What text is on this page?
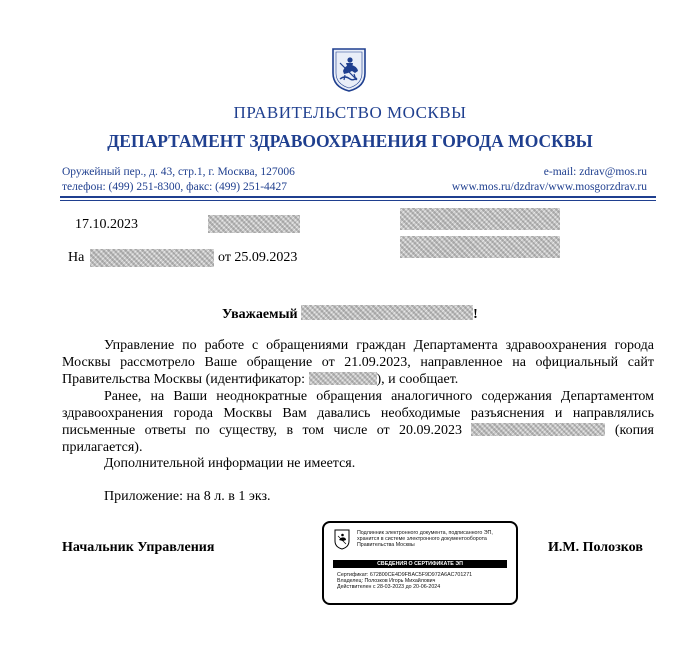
ПРАВИТЕЛЬСТВО МОСКВЫ
ДЕПАРТАМЕНТ ЗДРАВООХРАНЕНИЯ ГОРОДА МОСКВЫ
Оружейный пер., д. 43, стр.1, г. Москва, 127006
телефон: (499) 251-8300, факс: (499) 251-4427
e-mail: zdrav@mos.ru
www.mos.ru/dzdrav/www.mosgorzdrav.ru
17.10.2023
На	от 25.09.2023
Уважаемый	!
Управление по работе с обращениями граждан Департамента здравоохранения города Москвы рассмотрело Ваше обращение от 21.09.2023, направленное на официальный сайт Правительства Москвы (идентификатор:	), и сообщает.
Ранее, на Ваши неоднократные обращения аналогичного содержания Департаментом здравоохранения города Москвы Вам давались необходимые разъяснения и направлялись письменные ответы по существу, в том числе от 20.09.2023	(копия прилагается).
Дополнительной информации не имеется.
Приложение: на 8 л. в 1 экз.
Начальник Управления	И.М. Полозков
Подлинник электронного документа, подписанного ЭП,
хранится в системе электронного документооборота
Правительства Москвы
СВЕДЕНИЯ О СЕРТИФИКАТЕ ЭП
Сертификат: 672800CE4D9FBAC5F9D972A6AC701271
Владелец: Полозков Игорь Михайлович
Действителен с 28-03-2023 до 20-06-2024
